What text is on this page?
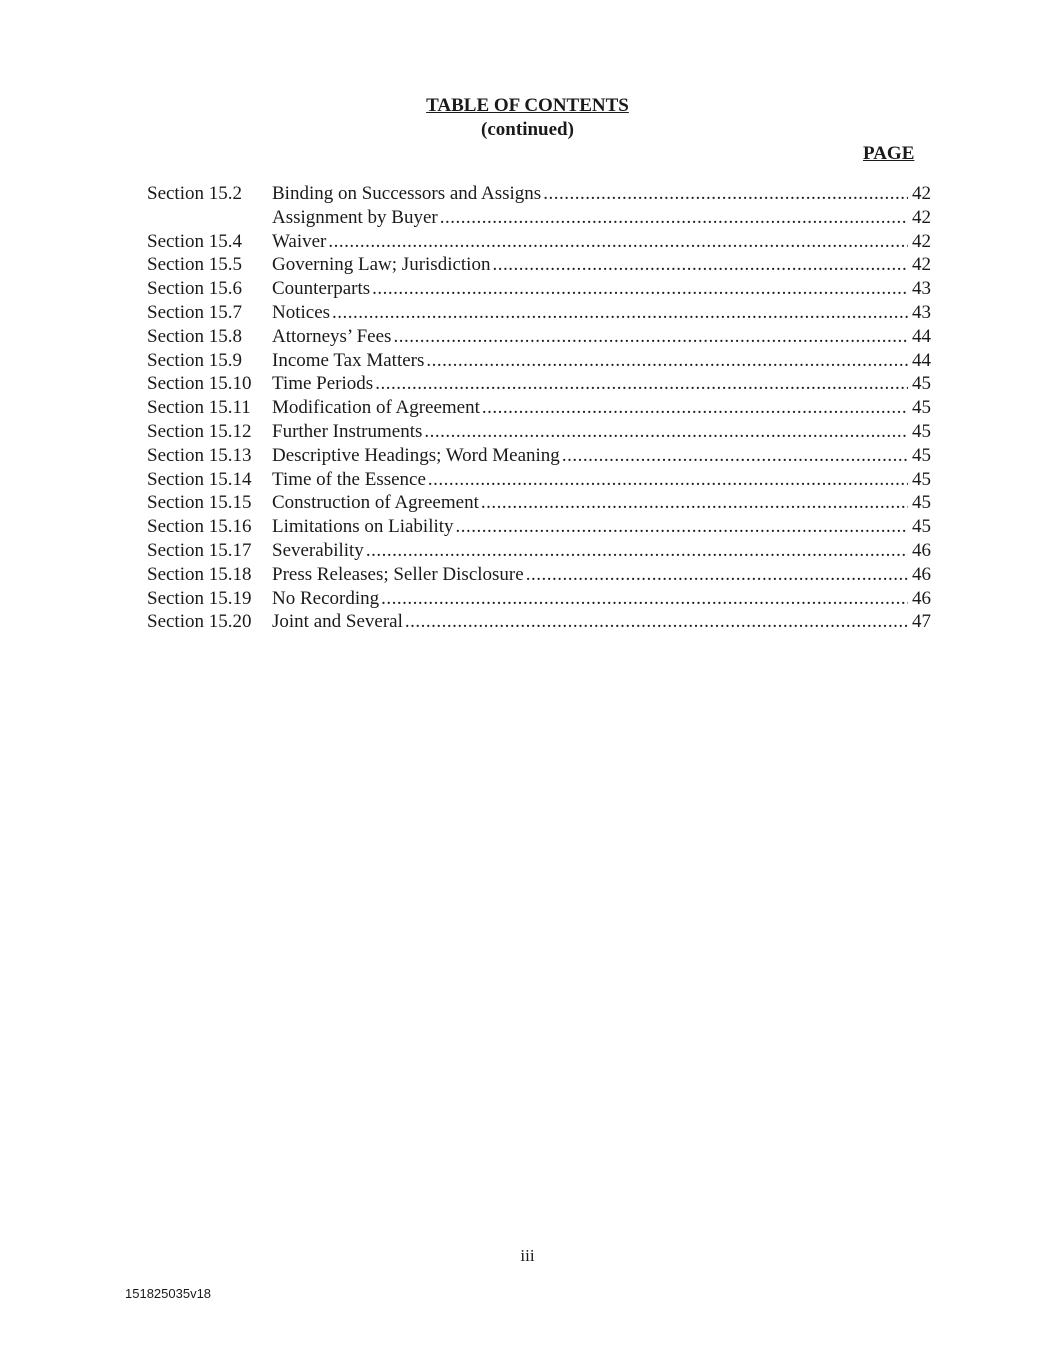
TABLE OF CONTENTS
(continued)
PAGE
Section 15.2	Binding on Successors and Assigns .....	42
Assignment by Buyer .....	42
Section 15.4	Waiver .....	42
Section 15.5	Governing Law; Jurisdiction .....	42
Section 15.6	Counterparts .....	43
Section 15.7	Notices .....	43
Section 15.8	Attorneys’ Fees .....	44
Section 15.9	Income Tax Matters .....	44
Section 15.10	Time Periods .....	45
Section 15.11	Modification of Agreement .....	45
Section 15.12	Further Instruments .....	45
Section 15.13	Descriptive Headings; Word Meaning .....	45
Section 15.14	Time of the Essence .....	45
Section 15.15	Construction of Agreement .....	45
Section 15.16	Limitations on Liability .....	45
Section 15.17	Severability .....	46
Section 15.18	Press Releases; Seller Disclosure .....	46
Section 15.19	No Recording .....	46
Section 15.20	Joint and Several .....	47
iii
151825035v18
